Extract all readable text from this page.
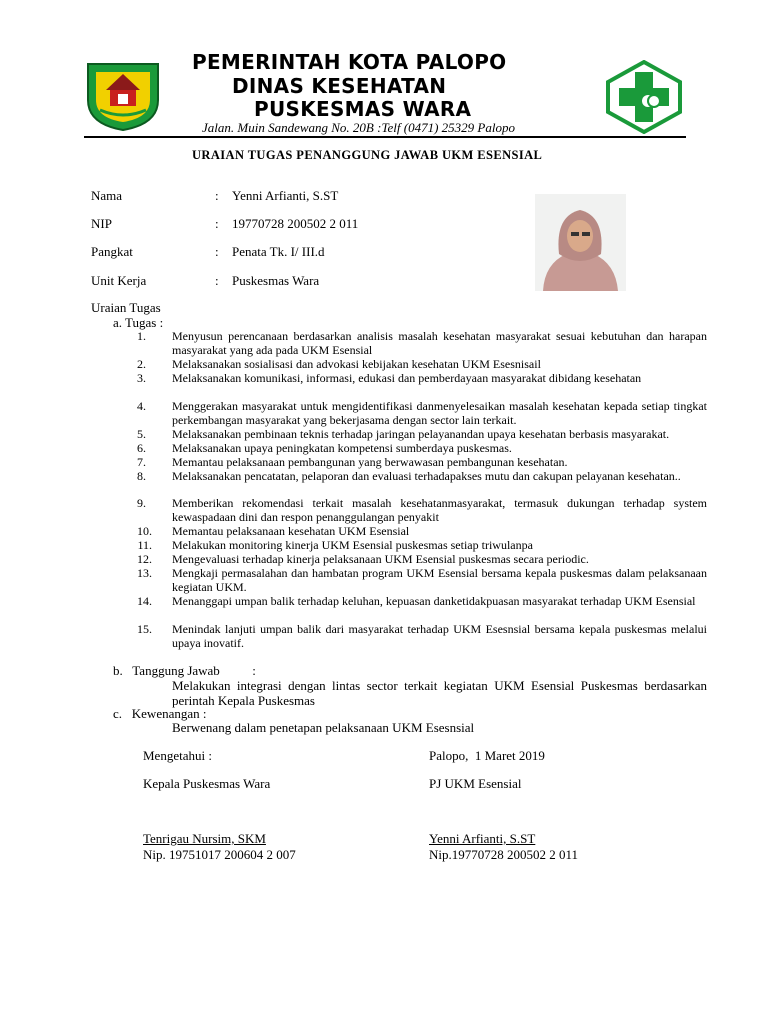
PEMERINTAH KOTA PALOPO
DINAS KESEHATAN
PUSKESMAS WARA
Jalan. Muin Sandewang No. 20B :Telf (0471) 25329 Palopo
URAIAN TUGAS PENANGGUNG JAWAB UKM ESENSIAL
Nama	: Yenni Arfianti, S.ST
NIP	: 19770728 200502 2 011
Pangkat	: Penata Tk. I/ III.d
Unit Kerja	: Puskesmas Wara
Uraian Tugas
a. Tugas :
1. Menyusun perencanaan berdasarkan analisis masalah kesehatan masyarakat sesuai kebutuhan dan harapan masyarakat yang ada pada UKM Esensial
2. Melaksanakan sosialisasi dan advokasi kebijakan kesehatan UKM Esesnisail
3. Melaksanakan komunikasi, informasi, edukasi dan pemberdayaan masyarakat dibidang kesehatan
4. Menggerakan masyarakat untuk mengidentifikasi danmenyelesaikan masalah kesehatan kepada setiap tingkat perkembangan masyarakat yang bekerjasama dengan sector lain terkait.
5. Melaksanakan pembinaan teknis terhadap jaringan pelayanandan upaya kesehatan berbasis masyarakat.
6. Melaksanakan upaya peningkatan kompetensi sumberdaya puskesmas.
7. Memantau pelaksanaan pembangunan yang berwawasan pembangunan kesehatan.
8. Melaksanakan pencatatan, pelaporan dan evaluasi terhadapakses mutu dan cakupan pelayanan kesehatan..
9. Memberikan rekomendasi terkait masalah kesehatanmasyarakat, termasuk dukungan terhadap system kewaspadaan dini dan respon penanggulangan penyakit
10. Memantau pelaksanaan kesehatan UKM Esensial
11. Melakukan monitoring kinerja UKM Esensial puskesmas setiap triwulanpa
12. Mengevaluasi terhadap kinerja pelaksanaan UKM Esensial puskesmas secara periodic.
13. Mengkaji permasalahan dan hambatan program UKM Esensial bersama kepala puskesmas dalam pelaksanaan kegiatan UKM.
14. Menanggapi umpan balik terhadap keluhan, kepuasan danketidakpuasan masyarakat terhadap UKM Esensial
15. Menindak lanjuti umpan balik dari masyarakat terhadap UKM Esesnsial bersama kepala puskesmas melalui upaya inovatif.
b.   Tanggung Jawab          :
Melakukan integrasi dengan lintas sector terkait kegiatan UKM Esensial Puskesmas berdasarkan perintah Kepala Puskesmas
c.   Kewenangan :
Berwenang dalam penetapan pelaksanaan UKM Esesnsial
Mengetahui :
Kepala Puskesmas Wara
Tenrigau Nursim, SKM
Nip. 19751017 200604 2 007
Palopo,  1 Maret 2019
PJ UKM Esensial
Yenni Arfianti, S.ST
Nip.19770728 200502 2 011
